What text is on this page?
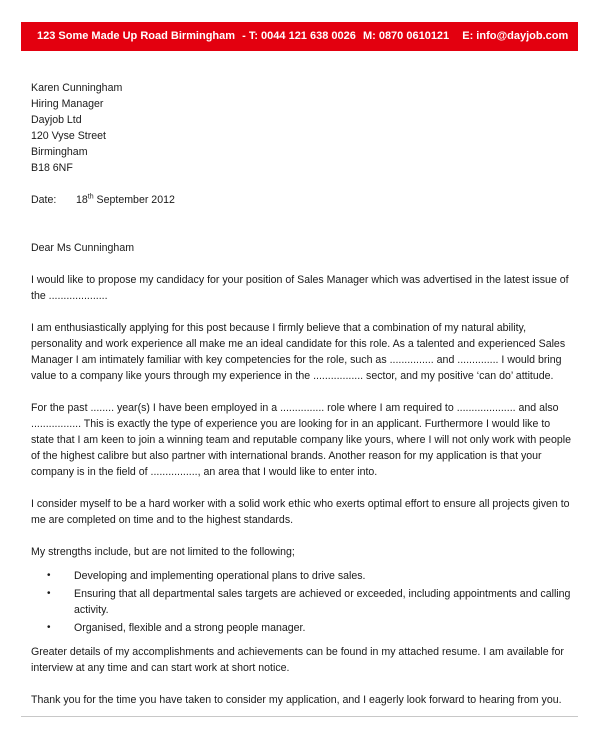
123 Some Made Up Road Birmingham - T: 0044 121 638 0026 M: 0870 0610121 E: info@dayjob.com
Karen Cunningham
Hiring Manager
Dayjob Ltd
120 Vyse Street
Birmingham
B18 6NF
Date: 18th September 2012
Dear Ms Cunningham

I would like to propose my candidacy for your position of Sales Manager which was advertised in the latest issue of the ....................

I am enthusiastically applying for this post because I firmly believe that a combination of my natural ability, personality and work experience all make me an ideal candidate for this role. As a talented and experienced Sales Manager I am intimately familiar with key competencies for the role, such as ............... and .............. I would bring value to a company like yours through my experience in the ................. sector, and my positive ‘can do’ attitude.

For the past ........ year(s) I have been employed in a ............... role where I am required to .................... and also ................. This is exactly the type of experience you are looking for in an applicant. Furthermore I would like to state that I am keen to join a winning team and reputable company like yours, where I will not only work with people of the highest calibre but also partner with international brands. Another reason for my application is that your company is in the field of ................, an area that I would like to enter into.

I consider myself to be a hard worker with a solid work ethic who exerts optimal effort to ensure all projects given to me are completed on time and to the highest standards.

My strengths include, but are not limited to the following;

• Developing and implementing operational plans to drive sales.
• Ensuring that all departmental sales targets are achieved or exceeded, including appointments and calling activity.
• Organised, flexible and a strong people manager.

Greater details of my accomplishments and achievements can be found in my attached resume. I am available for interview at any time and can start work at short notice.

Thank you for the time you have taken to consider my application, and I eagerly look forward to hearing from you.
